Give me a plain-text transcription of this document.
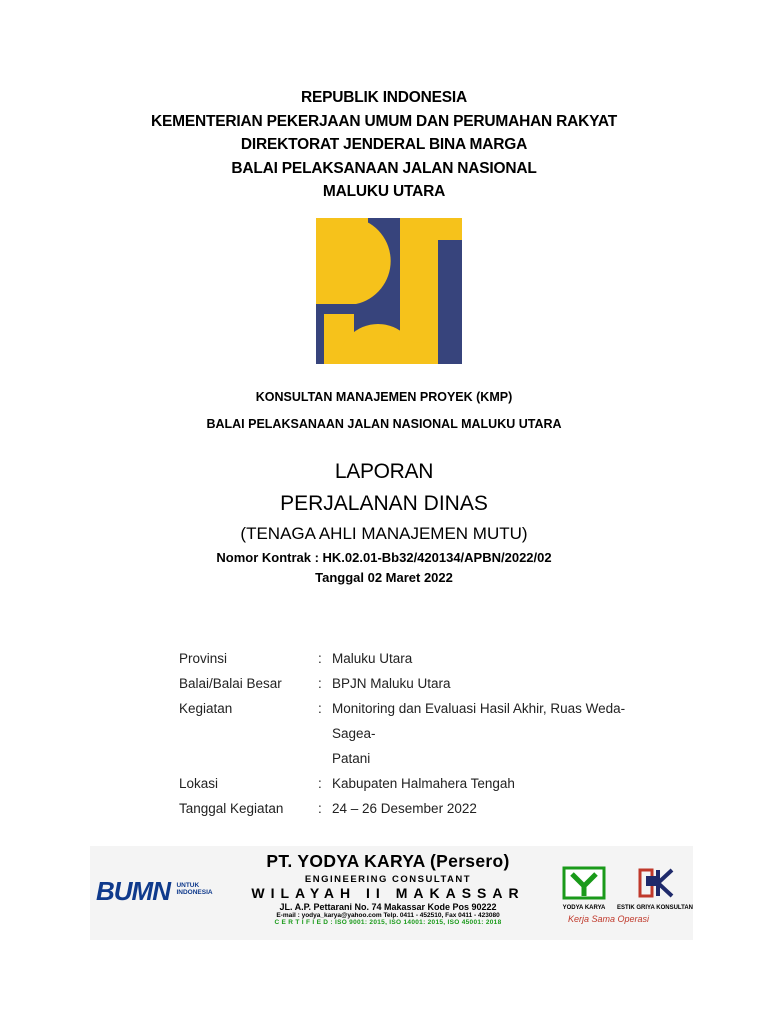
REPUBLIK INDONESIA
KEMENTERIAN PEKERJAAN UMUM DAN PERUMAHAN RAKYAT
DIREKTORAT JENDERAL BINA MARGA
BALAI PELAKSANAAN JALAN NASIONAL
MALUKU UTARA
KONSULTAN MANAJEMEN PROYEK (KMP)
BALAI PELAKSANAAN JALAN NASIONAL MALUKU UTARA
LAPORAN
PERJALANAN DINAS
(TENAGA AHLI MANAJEMEN MUTU)
Nomor Kontrak : HK.02.01-Bb32/420134/APBN/2022/02
Tanggal 02 Maret 2022
Provinsi	: Maluku Utara
Balai/Balai Besar	: BPJN Maluku Utara
Kegiatan	: Monitoring dan Evaluasi Hasil Akhir, Ruas Weda-Sagea-
Patani
Lokasi	: Kabupaten Halmahera Tengah
Tanggal Kegiatan	: 24 – 26 Desember 2022
BUMN UNTUK
INDONESIA
PT. YODYA KARYA (Persero)
ENGINEERING CONSULTANT
WILAYAH II MAKASSAR
JL. A.P. Pettarani No. 74 Makassar Kode Pos 90222
E-mail : yodya_karya@yahoo.com Telp. 0411 - 452510, Fax 0411 - 423080
C E R T I F I E D : ISO 9001: 2015, ISO 14001: 2015, ISO 45001: 2018
YODYA KARYA	ESTIK GRIYA KONSULTAN
Kerja Sama Operasi
